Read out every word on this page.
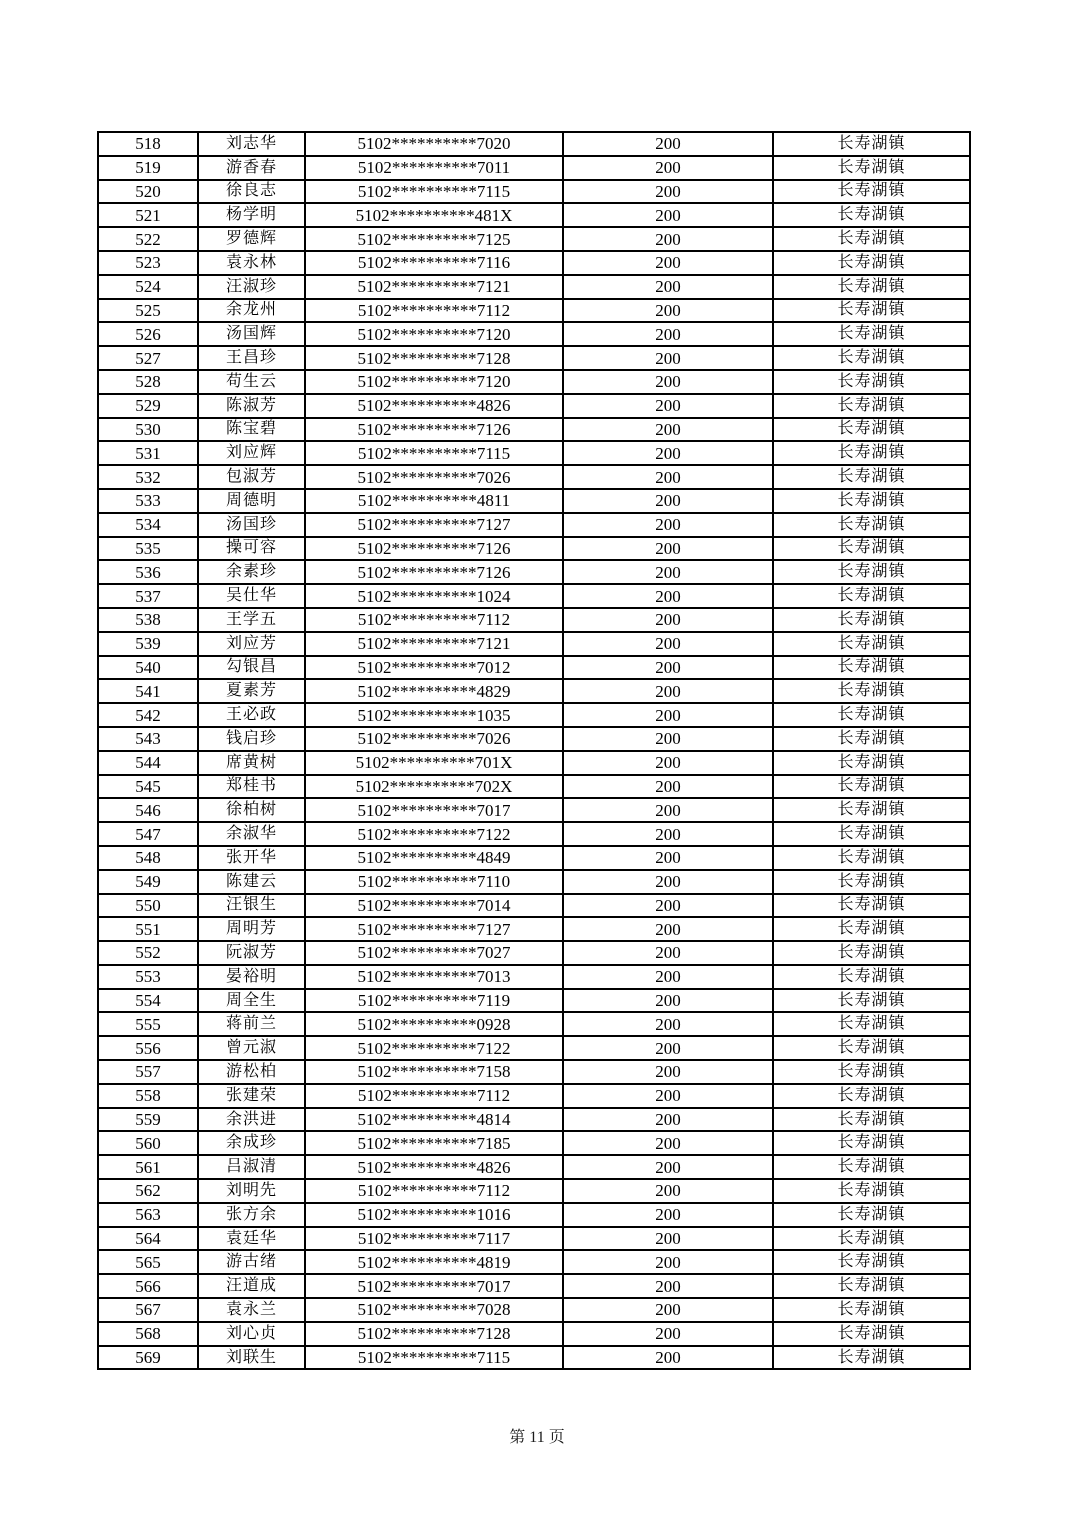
518	刘志华	5102**********7020	200	长寿湖镇
519	游香春	5102**********7011	200	长寿湖镇
520	徐良志	5102**********7115	200	长寿湖镇
521	杨学明	5102**********481X	200	长寿湖镇
522	罗德辉	5102**********7125	200	长寿湖镇
523	袁永林	5102**********7116	200	长寿湖镇
524	汪淑珍	5102**********7121	200	长寿湖镇
525	余龙州	5102**********7112	200	长寿湖镇
526	汤国辉	5102**********7120	200	长寿湖镇
527	王昌珍	5102**********7128	200	长寿湖镇
528	苟生云	5102**********7120	200	长寿湖镇
529	陈淑芳	5102**********4826	200	长寿湖镇
530	陈宝碧	5102**********7126	200	长寿湖镇
531	刘应辉	5102**********7115	200	长寿湖镇
532	包淑芳	5102**********7026	200	长寿湖镇
533	周德明	5102**********4811	200	长寿湖镇
534	汤国珍	5102**********7127	200	长寿湖镇
535	操可容	5102**********7126	200	长寿湖镇
536	余素珍	5102**********7126	200	长寿湖镇
537	吴仕华	5102**********1024	200	长寿湖镇
538	王学五	5102**********7112	200	长寿湖镇
539	刘应芳	5102**********7121	200	长寿湖镇
540	勾银昌	5102**********7012	200	长寿湖镇
541	夏素芳	5102**********4829	200	长寿湖镇
542	王必政	5102**********1035	200	长寿湖镇
543	钱启珍	5102**********7026	200	长寿湖镇
544	席黄树	5102**********701X	200	长寿湖镇
545	郑桂书	5102**********702X	200	长寿湖镇
546	徐柏树	5102**********7017	200	长寿湖镇
547	余淑华	5102**********7122	200	长寿湖镇
548	张开华	5102**********4849	200	长寿湖镇
549	陈建云	5102**********7110	200	长寿湖镇
550	汪银生	5102**********7014	200	长寿湖镇
551	周明芳	5102**********7127	200	长寿湖镇
552	阮淑芳	5102**********7027	200	长寿湖镇
553	晏裕明	5102**********7013	200	长寿湖镇
554	周全生	5102**********7119	200	长寿湖镇
555	蒋前兰	5102**********0928	200	长寿湖镇
556	曾元淑	5102**********7122	200	长寿湖镇
557	游松柏	5102**********7158	200	长寿湖镇
558	张建荣	5102**********7112	200	长寿湖镇
559	余洪进	5102**********4814	200	长寿湖镇
560	余成珍	5102**********7185	200	长寿湖镇
561	吕淑清	5102**********4826	200	长寿湖镇
562	刘明先	5102**********7112	200	长寿湖镇
563	张方余	5102**********1016	200	长寿湖镇
564	袁廷华	5102**********7117	200	长寿湖镇
565	游古绪	5102**********4819	200	长寿湖镇
566	汪道成	5102**********7017	200	长寿湖镇
567	袁永兰	5102**********7028	200	长寿湖镇
568	刘心贞	5102**********7128	200	长寿湖镇
569	刘联生	5102**********7115	200	长寿湖镇
第 11 页
